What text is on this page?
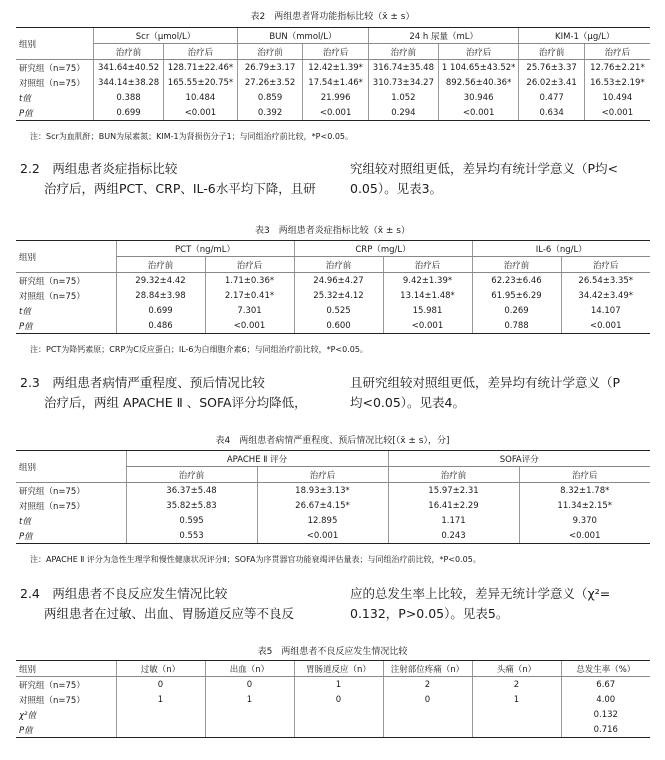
表2　两组患者肾功能指标比较（x̄ ± s）
组别	Scr（μmol/L）		BUN（mmol/L）		24 h 尿量（mL）		KIM-1（μg/L）	
	治疗前	治疗后	治疗前	治疗后	治疗前	治疗后	治疗前	治疗后
研究组（n=75）	341.64±40.52	128.71±22.46*	26.79±3.17	12.42±1.39*	316.74±35.48	1 104.65±43.52*	25.76±3.37	12.76±2.21*
对照组（n=75）	344.14±38.28	165.55±20.75*	27.26±3.52	17.54±1.46*	310.73±34.27	892.56±40.36*	26.02±3.41	16.53±2.19*
t值	0.388	10.484	0.859	21.996	1.052	30.946	0.477	10.494
P值	0.699	<0.001	0.392	<0.001	0.294	<0.001	0.634	<0.001
注：Scr为血肌酐；BUN为尿素氮；KIM-1为肾损伤分子1；与同组治疗前比较，*P<0.05。
2.2　两组患者炎症指标比较
治疗后，两组PCT、CRP、IL-6水平均下降，且研
究组较对照组更低，差异均有统计学意义（P均<
0.05）。见表3。
表3　两组患者炎症指标比较（x̄ ± s）
组别	PCT（ng/mL）		CRP（mg/L）		IL-6（ng/L）	
	治疗前	治疗后	治疗前	治疗后	治疗前	治疗后
研究组（n=75）	29.32±4.42	1.71±0.36*	24.96±4.27	9.42±1.39*	62.23±6.46	26.54±3.35*
对照组（n=75）	28.84±3.98	2.17±0.41*	25.32±4.12	13.14±1.48*	61.95±6.29	34.42±3.49*
t值	0.699	7.301	0.525	15.981	0.269	14.107
P值	0.486	<0.001	0.600	<0.001	0.788	<0.001
注：PCT为降钙素原；CRP为C反应蛋白；IL-6为白细胞介素6；与同组治疗前比较，*P<0.05。
2.3　两组患者病情严重程度、预后情况比较
治疗后，两组 APACHE Ⅱ 、SOFA评分均降低，
且研究组较对照组更低，差异均有统计学意义（P
均<0.05）。见表4。
表4　两组患者病情严重程度、预后情况比较[（x̄ ± s），分]
组别	APACHE Ⅱ 评分		SOFA评分	
	治疗前	治疗后	治疗前	治疗后
研究组（n=75）	36.37±5.48	18.93±3.13*	15.97±2.31	8.32±1.78*
对照组（n=75）	35.82±5.83	26.67±4.15*	16.41±2.29	11.34±2.15*
t值	0.595	12.895	1.171	9.370
P值	0.553	<0.001	0.243	<0.001
注：APACHE Ⅱ 评分为急性生理学和慢性健康状况评分Ⅱ；SOFA为序贯器官功能衰竭评估量表；与同组治疗前比较，*P<0.05。
2.4　两组患者不良反应发生情况比较
两组患者在过敏、出血、胃肠道反应等不良反
应的总发生率上比较，差异无统计学意义（χ²=
0.132，P>0.05）。见表5。
表5　两组患者不良反应发生情况比较
组别	过敏（n）	出血（n）	胃肠道反应（n）	注射部位疼痛（n）	头痛（n）	总发生率（%）
研究组（n=75）	0	0	1	2	2	6.67
对照组（n=75）	1	1	0	0	1	4.00
χ²值						0.132
P值						0.716
